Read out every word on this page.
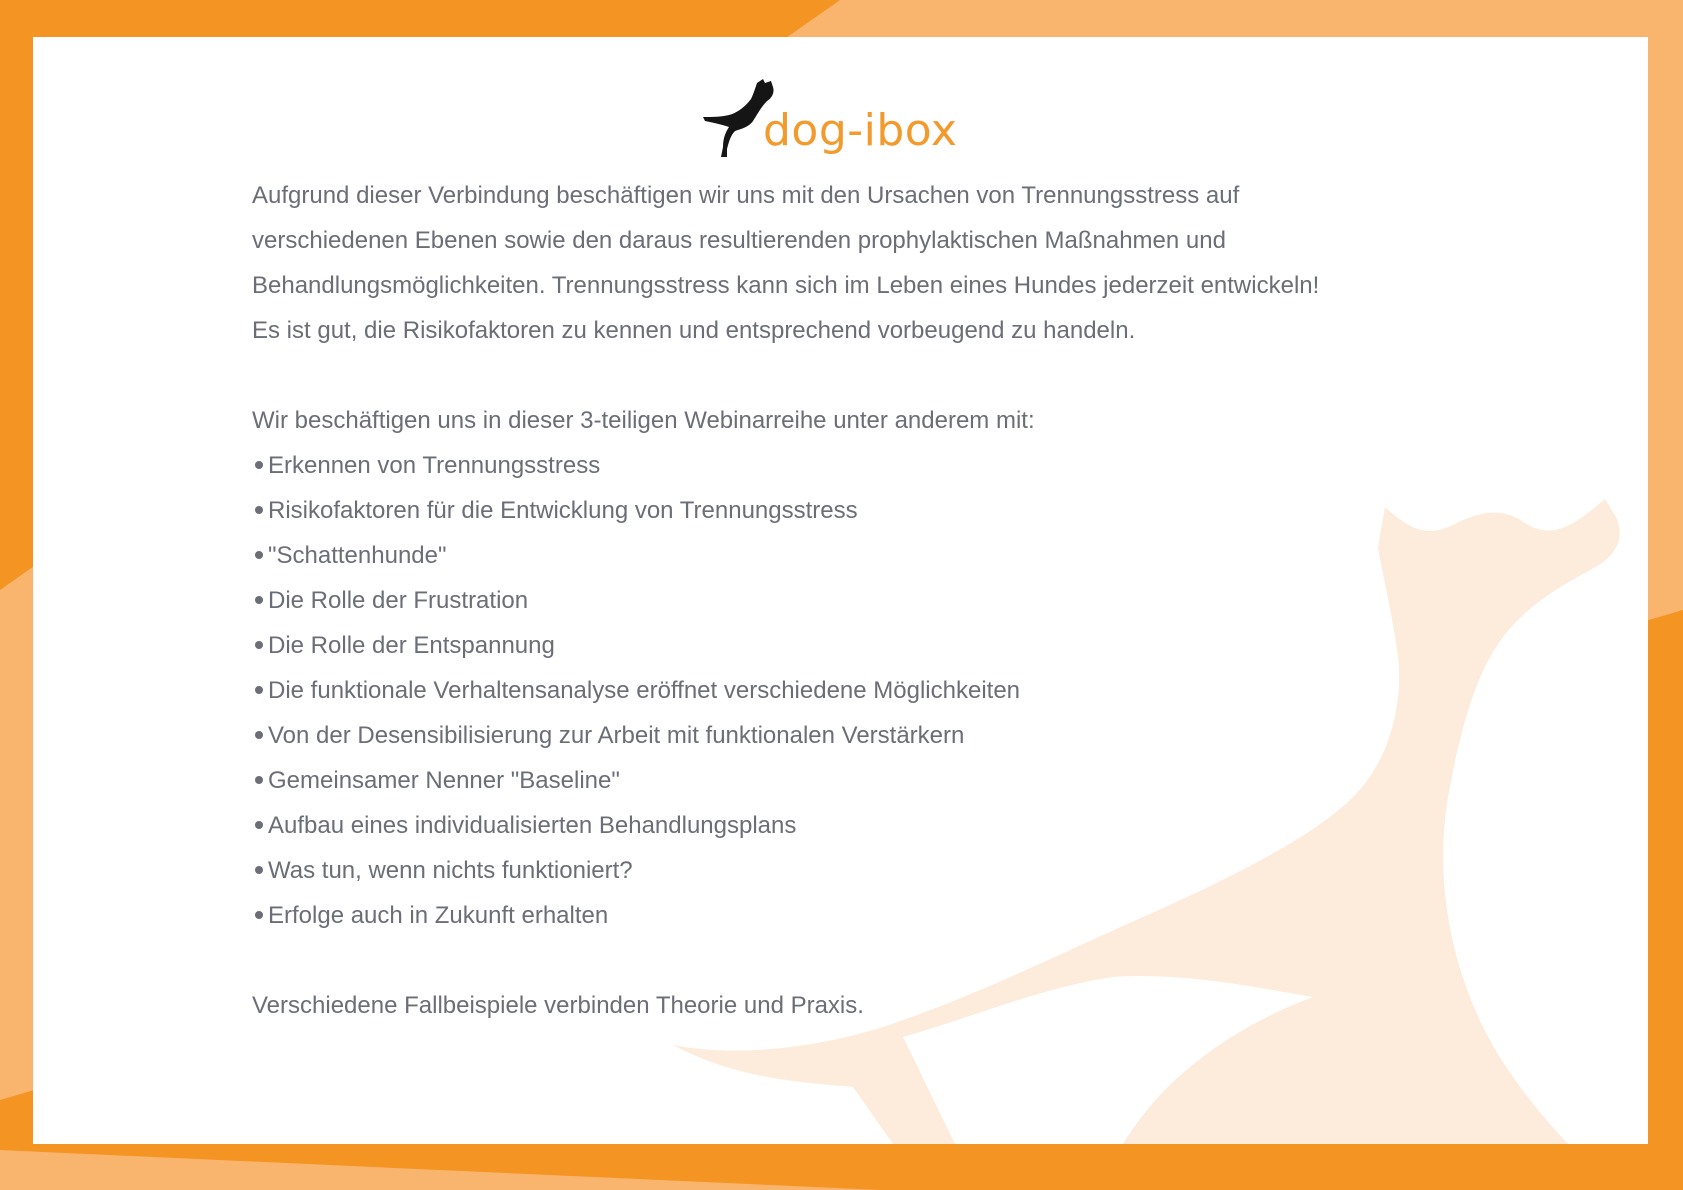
dog-ibox

Aufgrund dieser Verbindung beschäftigen wir uns mit den Ursachen von Trennungsstress auf

verschiedenen Ebenen sowie den daraus resultierenden prophylaktischen Maßnahmen und

Behandlungsmöglichkeiten. Trennungsstress kann sich im Leben eines Hundes jederzeit entwickeln!

Es ist gut, die Risikofaktoren zu kennen und entsprechend vorbeugend zu handeln.

Wir beschäftigen uns in dieser 3-teiligen Webinarreihe unter anderem mit:

Erkennen von Trennungsstress
Risikofaktoren für die Entwicklung von Trennungsstress
"Schattenhunde"
Die Rolle der Frustration
Die Rolle der Entspannung
Die funktionale Verhaltensanalyse eröffnet verschiedene Möglichkeiten
Von der Desensibilisierung zur Arbeit mit funktionalen Verstärkern
Gemeinsamer Nenner "Baseline"
Aufbau eines individualisierten Behandlungsplans
Was tun, wenn nichts funktioniert?
Erfolge auch in Zukunft erhalten

Verschiedene Fallbeispiele verbinden Theorie und Praxis.
